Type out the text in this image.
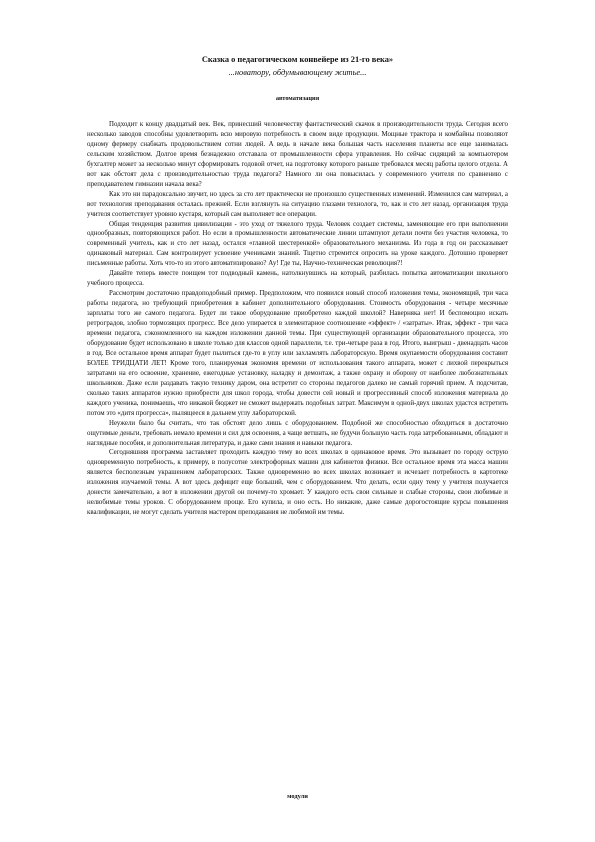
Сказка о педагогическом конвейере из 21-го века»
...новатору, обдумывающему житье...
автоматизация

Подходит к концу двадцатый век. Век, принесший человечеству фантастический скачок в производительности труда. Сегодня всего несколько заводов способны удовлетворить всю мировую потребность в своем виде продукции. Мощные трактора и комбайны позволяют одному фермеру снабжать продовольствием сотни людей. А ведь в начале века большая часть населения планеты все еще занималась сельским хозяйством. Долгое время безнадежно отставала от промышленности сфера управления. Но сейчас сидящий за компьютером бухгалтер может за несколько минут сформировать годовой отчет, на подготовку которого раньше требовался месяц работы целого отдела. А вот как обстоят дела с производительностью труда педагога? Намного ли она повысилась у современного учителя по сравнению с преподавателем гимназии начала века?

Как это ни парадоксально звучит, но здесь за сто лет практически не произошло существенных изменений. Изменился сам материал, а вот технология преподавания осталась прежней. Если взглянуть на ситуацию глазами технолога, то, как и сто лет назад, организация труда учителя соответствует уровню кустаря, который сам выполняет все операции.

Общая тенденция развития цивилизации - это уход от тяжелого труда. Человек создает системы, заменяющие его при выполнении однообразных, повторяющихся работ. Но если в промышленности автоматические линии штампуют детали почти без участия человека, то современный учитель, как и сто лет назад, остался «главной шестеренкой» образовательного механизма. Из года в год он рассказывает одинаковый материал. Сам контролирует усвоение учениками знаний. Тщетно стремится опросить на уроке каждого. Дотошно проверяет письменные работы. Хоть что-то из этого автоматизировано? Ау! Где ты, Научно-техническая революция?!

Давайте теперь вместе поищем тот подводный камень, натолкнувшись на который, разбилась попытка автоматизации школьного учебного процесса.

Рассмотрим достаточно правдоподобный пример. Предположим, что появился новый способ изложения темы, экономящий, три часа работы педагога, но требующий приобретения в кабинет дополнительного оборудования. Стоимость оборудования - четыре месячные зарплаты того же самого педагога. Будет ли такое оборудование приобретено каждой школой? Наверняка нет! И беспомощно искать ретроградов, злобно тормозящих прогресс. Все дело упирается в элементарное соотношение «эффект» / «затраты». Итак, эффект - три часа времени педагога, сэкономленного на каждом изложении данной темы. При существующей организации образовательного процесса, это оборудование будет использовано в школе только для классов одной параллели, т.е. три-четыре раза в год. Итого, выигрыш - двенадцать часов в год. Все остальное время аппарат будет пылиться где-то в углу или захламлять лабораторскую. Время окупаемости оборудования составит БОЛЕЕ ТРИДЦАТИ ЛЕТ! Кроме того, планируемая экономия времени от использования такого аппарата, может с лихвой перекрыться затратами на его освоение, хранение, ежегодные установку, наладку и демонтаж, а также охрану и оборону от наиболее любознательных школьников. Даже если раздавать такую технику даром, она встретит со стороны педагогов далеко не самый горячий прием. А подсчитав, сколько таких аппаратов нужно приобрести для школ города, чтобы довести сей новый и прогрессивный способ изложения материала до каждого ученика, понимаешь, что никакой бюджет не сможет выдержать подобных затрат. Максимум в одной-двух школах удастся встретить потом это «дитя прогресса», пылящееся в дальнем углу лабораторской.

Неужели было бы считать, что так обстоят дело лишь с оборудованием. Подобной же способностью обходиться в достаточно ощутимые деньги, требовать немало времени и сил для освоения, а чаще ветшать, не будучи большую часть года затребованными, обладают и наглядные пособия, и дополнительная литература, и даже сами знания и навыки педагога.

Сегодняшняя программа заставляет проходить каждую тему во всех школах в одинаковое время. Это вызывает по городу острую одновременную потребность, к примеру, в полусотне электрофорных машин для кабинетов физики. Все остальное время эта масса машин является бесполезным украшением лабораторских. Также одновременно во всех школах возникает и исчезает потребность в картотеке изложения изучаемой темы. А вот здесь дефицит еще больший, чем с оборудованием. Что делать, если одну тему у учителя получается донести замечательно, а вот в изложении другой он почему-то хромает. У каждого есть свои сильные и слабые стороны, свои любимые и нелюбимые темы уроков. С оборудованием проще. Его купила, и оно есть. Но никакие, даже самые дорогостоящие курсы повышения квалификации, не могут сделать учителя мастером преподавания не любимой им темы.

модули
